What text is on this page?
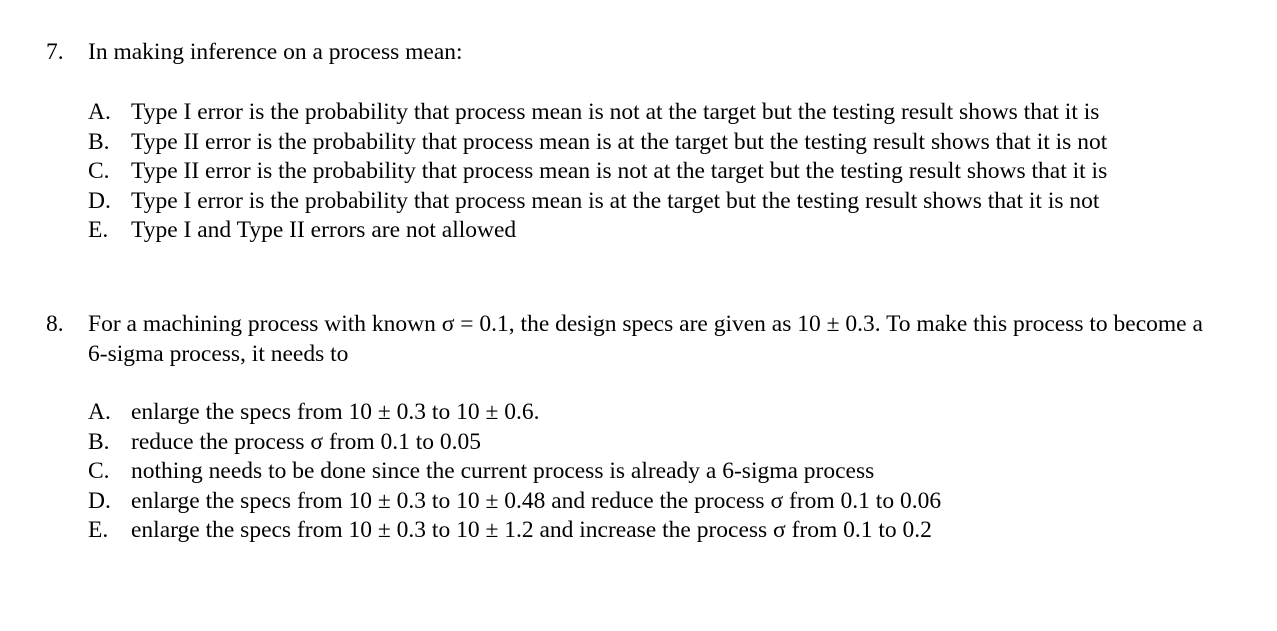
7. In making inference on a process mean:
A. Type I error is the probability that process mean is not at the target but the testing result shows that it is
B. Type II error is the probability that process mean is at the target but the testing result shows that it is not
C. Type II error is the probability that process mean is not at the target but the testing result shows that it is
D. Type I error is the probability that process mean is at the target but the testing result shows that it is not
E. Type I and Type II errors are not allowed
8. For a machining process with known σ = 0.1, the design specs are given as 10 ± 0.3. To make this process to become a 6-sigma process, it needs to
A. enlarge the specs from 10 ± 0.3 to 10 ± 0.6.
B. reduce the process σ from 0.1 to 0.05
C. nothing needs to be done since the current process is already a 6-sigma process
D. enlarge the specs from 10 ± 0.3 to 10 ± 0.48 and reduce the process σ from 0.1 to 0.06
E. enlarge the specs from 10 ± 0.3 to 10 ± 1.2 and increase the process σ from 0.1 to 0.2
